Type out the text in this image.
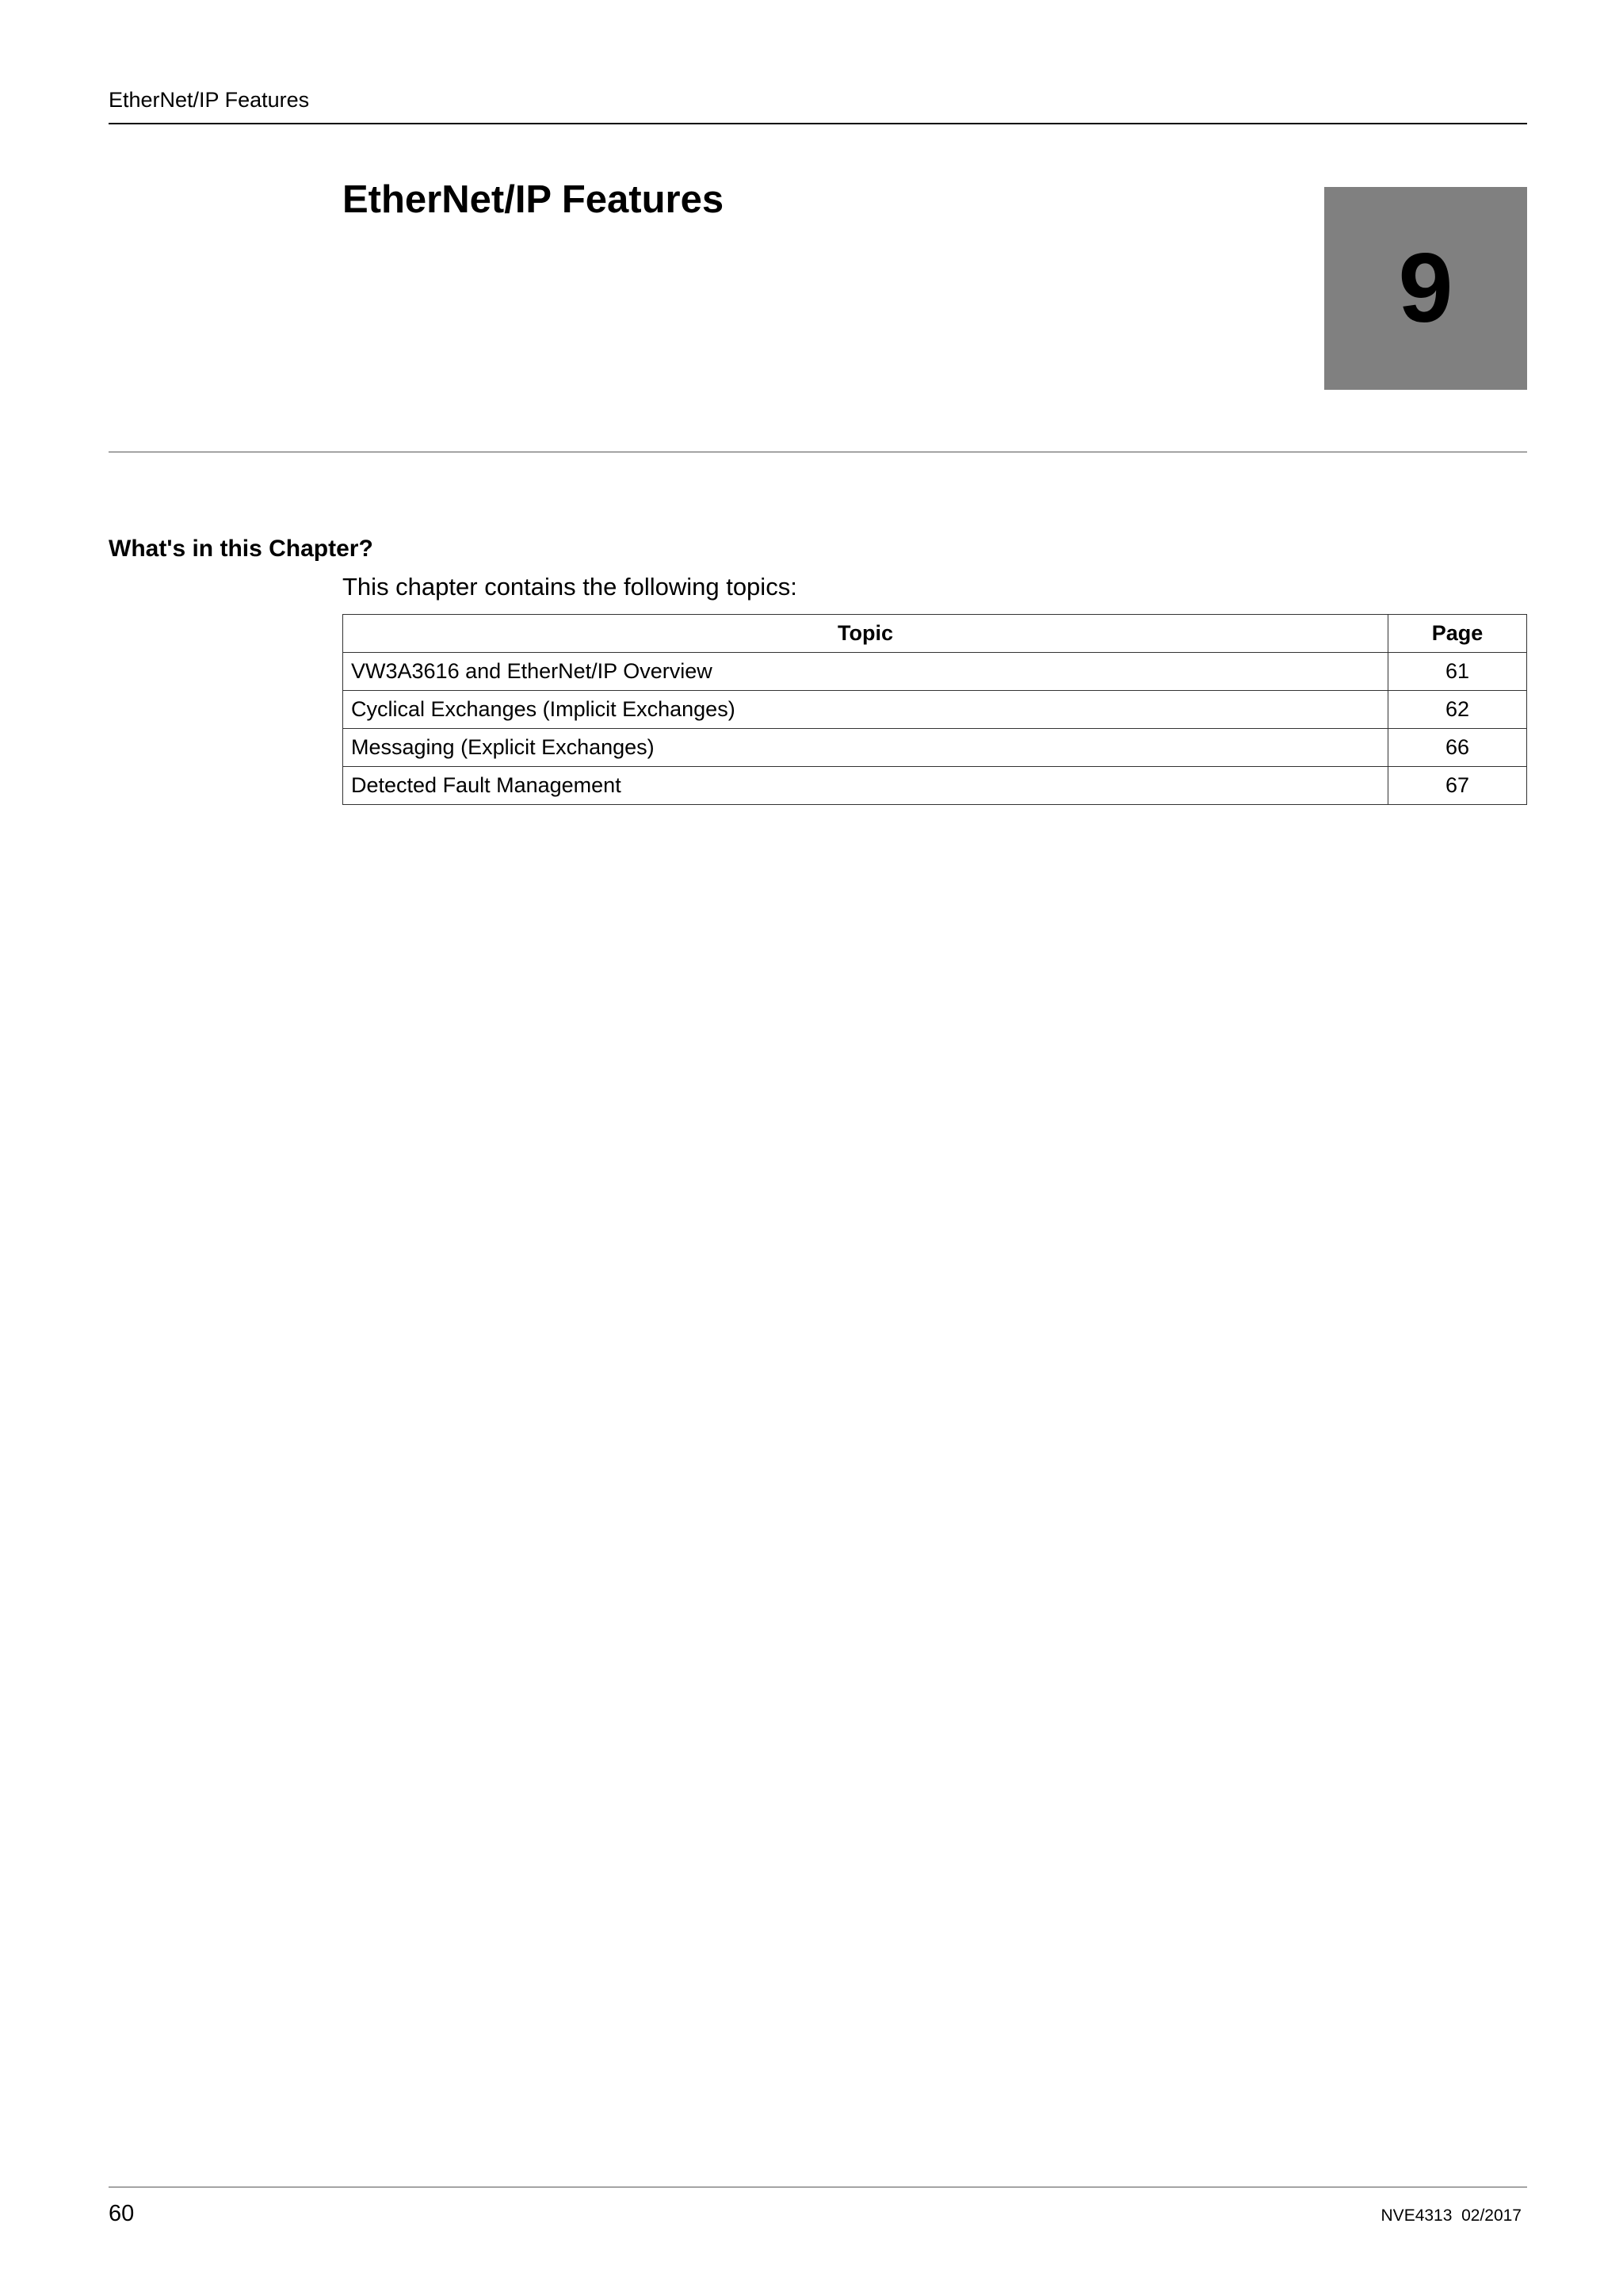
EtherNet/IP Features
EtherNet/IP Features
9
What's in this Chapter?
This chapter contains the following topics:
Topic	Page
VW3A3616 and EtherNet/IP Overview	61
Cyclical Exchanges (Implicit Exchanges)	62
Messaging (Explicit Exchanges)	66
Detected Fault Management	67
60	NVE4313  02/2017
